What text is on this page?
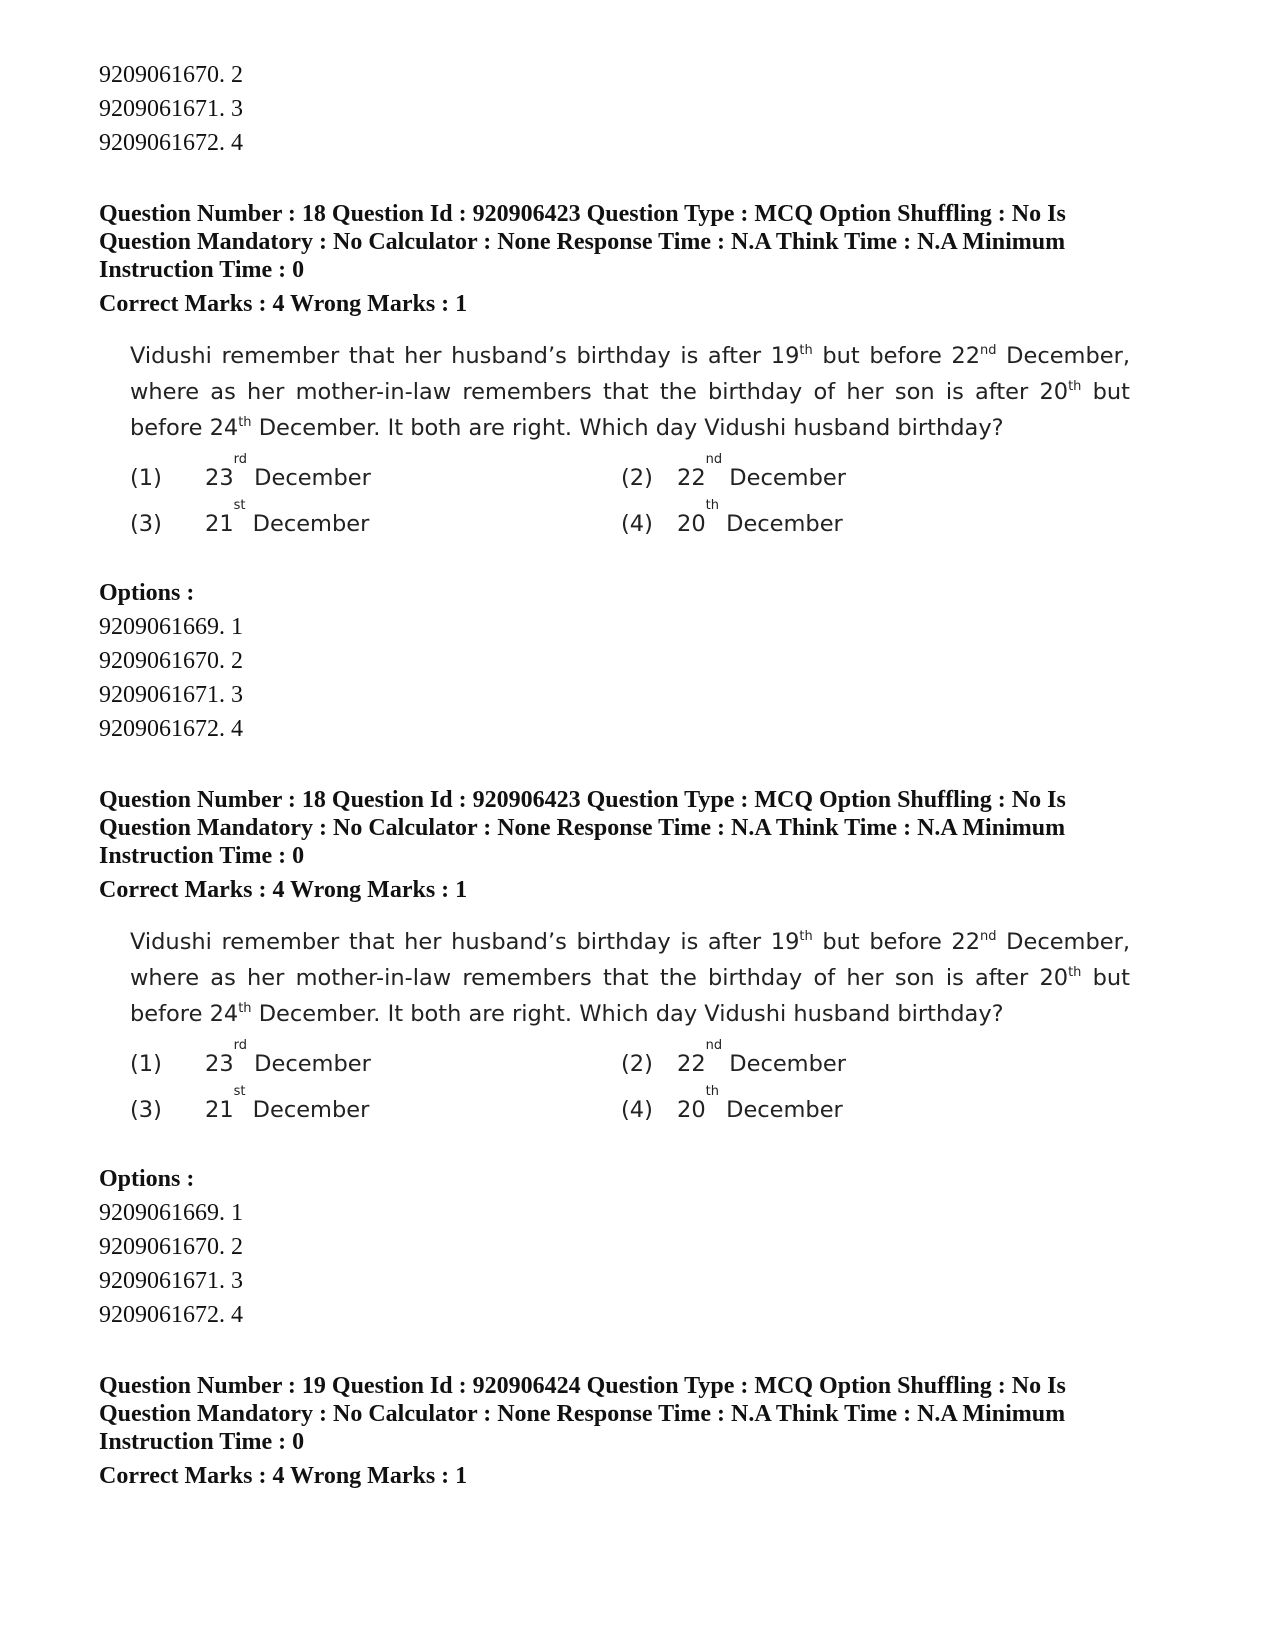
9209061670. 2
9209061671. 3
9209061672. 4
Question Number : 18 Question Id : 920906423 Question Type : MCQ Option Shuffling : No Is Question Mandatory : No Calculator : None Response Time : N.A Think Time : N.A Minimum Instruction Time : 0
Correct Marks : 4 Wrong Marks : 1
Vidushi remember that her husband’s birthday is after 19th but before 22nd December, where as her mother-in-law remembers that the birthday of her son is after 20th but before 24th December. It both are right. Which day Vidushi husband birthday?
(1)	23
rd
December	(2)	22
nd
December
(3)	21
st
December	(4)	20
th
December
Options :
9209061669. 1
9209061670. 2
9209061671. 3
9209061672. 4
Question Number : 18 Question Id : 920906423 Question Type : MCQ Option Shuffling : No Is Question Mandatory : No Calculator : None Response Time : N.A Think Time : N.A Minimum Instruction Time : 0
Correct Marks : 4 Wrong Marks : 1
Vidushi remember that her husband’s birthday is after 19th but before 22nd December, where as her mother-in-law remembers that the birthday of her son is after 20th but before 24th December. It both are right. Which day Vidushi husband birthday?
(1)	23
rd
December	(2)	22
nd
December
(3)	21
st
December	(4)	20
th
December
Options :
9209061669. 1
9209061670. 2
9209061671. 3
9209061672. 4
Question Number : 19 Question Id : 920906424 Question Type : MCQ Option Shuffling : No Is Question Mandatory : No Calculator : None Response Time : N.A Think Time : N.A Minimum Instruction Time : 0
Correct Marks : 4 Wrong Marks : 1
